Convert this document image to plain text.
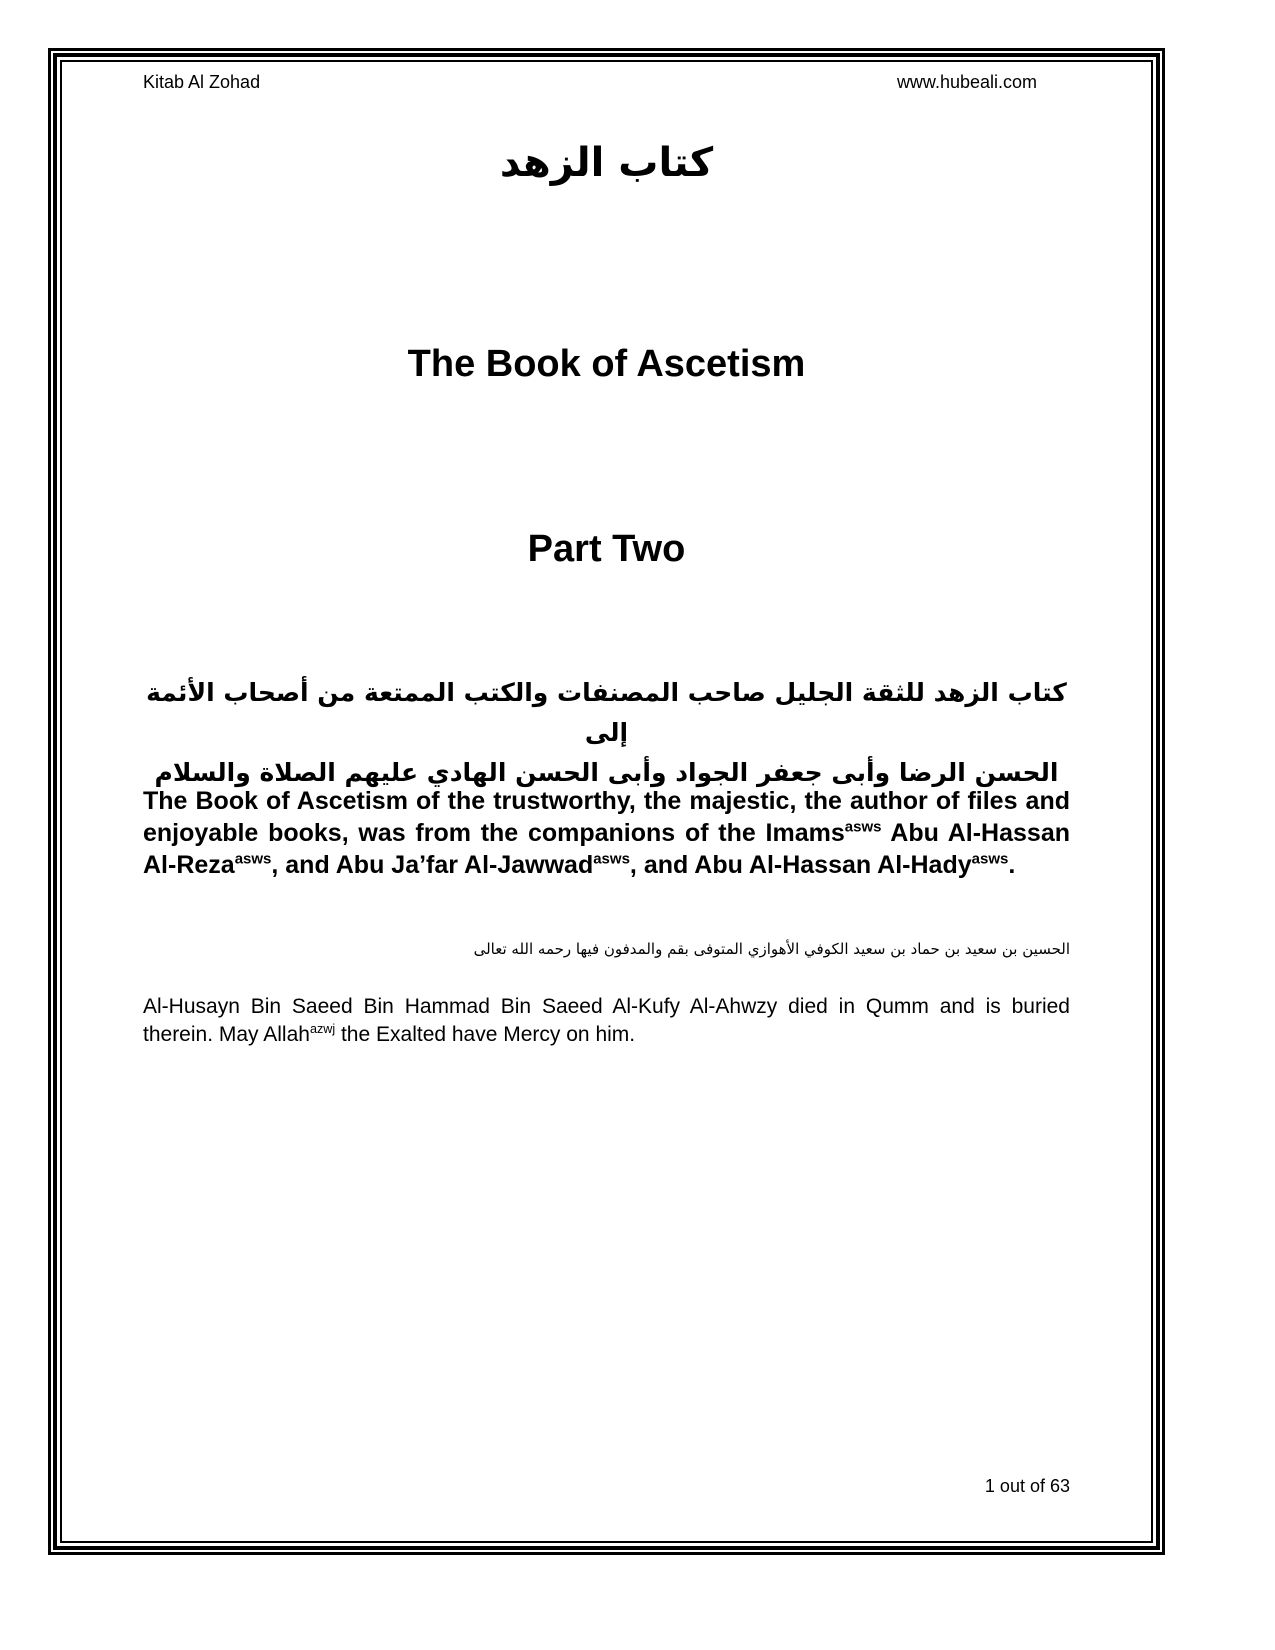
Kitab Al Zohad	www.hubeali.com
كتاب الزهد
The Book of Ascetism
Part Two
كتاب الزهد للثقة الجليل صاحب المصنفات والكتب الممتعة من أصحاب الأئمة إلى
الحسن الرضا وأبى جعفر الجواد وأبى الحسن الهادي عليهم الصلاة والسلام
The Book of Ascetism of the trustworthy, the majestic, the author of files and enjoyable books, was from the companions of the Imams$^{asws}$ Abu Al-Hassan Al-Reza$^{asws}$, and Abu Ja’far Al-Jawwad$^{asws}$, and Abu Al-Hassan Al-Hady$^{asws}$.
الحسين بن سعيد بن حماد بن سعيد الكوفي الأهوازي المتوفى بقم والمدفون فيها رحمه الله تعالى
Al-Husayn Bin Saeed Bin Hammad Bin Saeed Al-Kufy Al-Ahwzy died in Qumm and is buried therein. May Allah$^{azwj}$ the Exalted have Mercy on him.
1 out of 63
